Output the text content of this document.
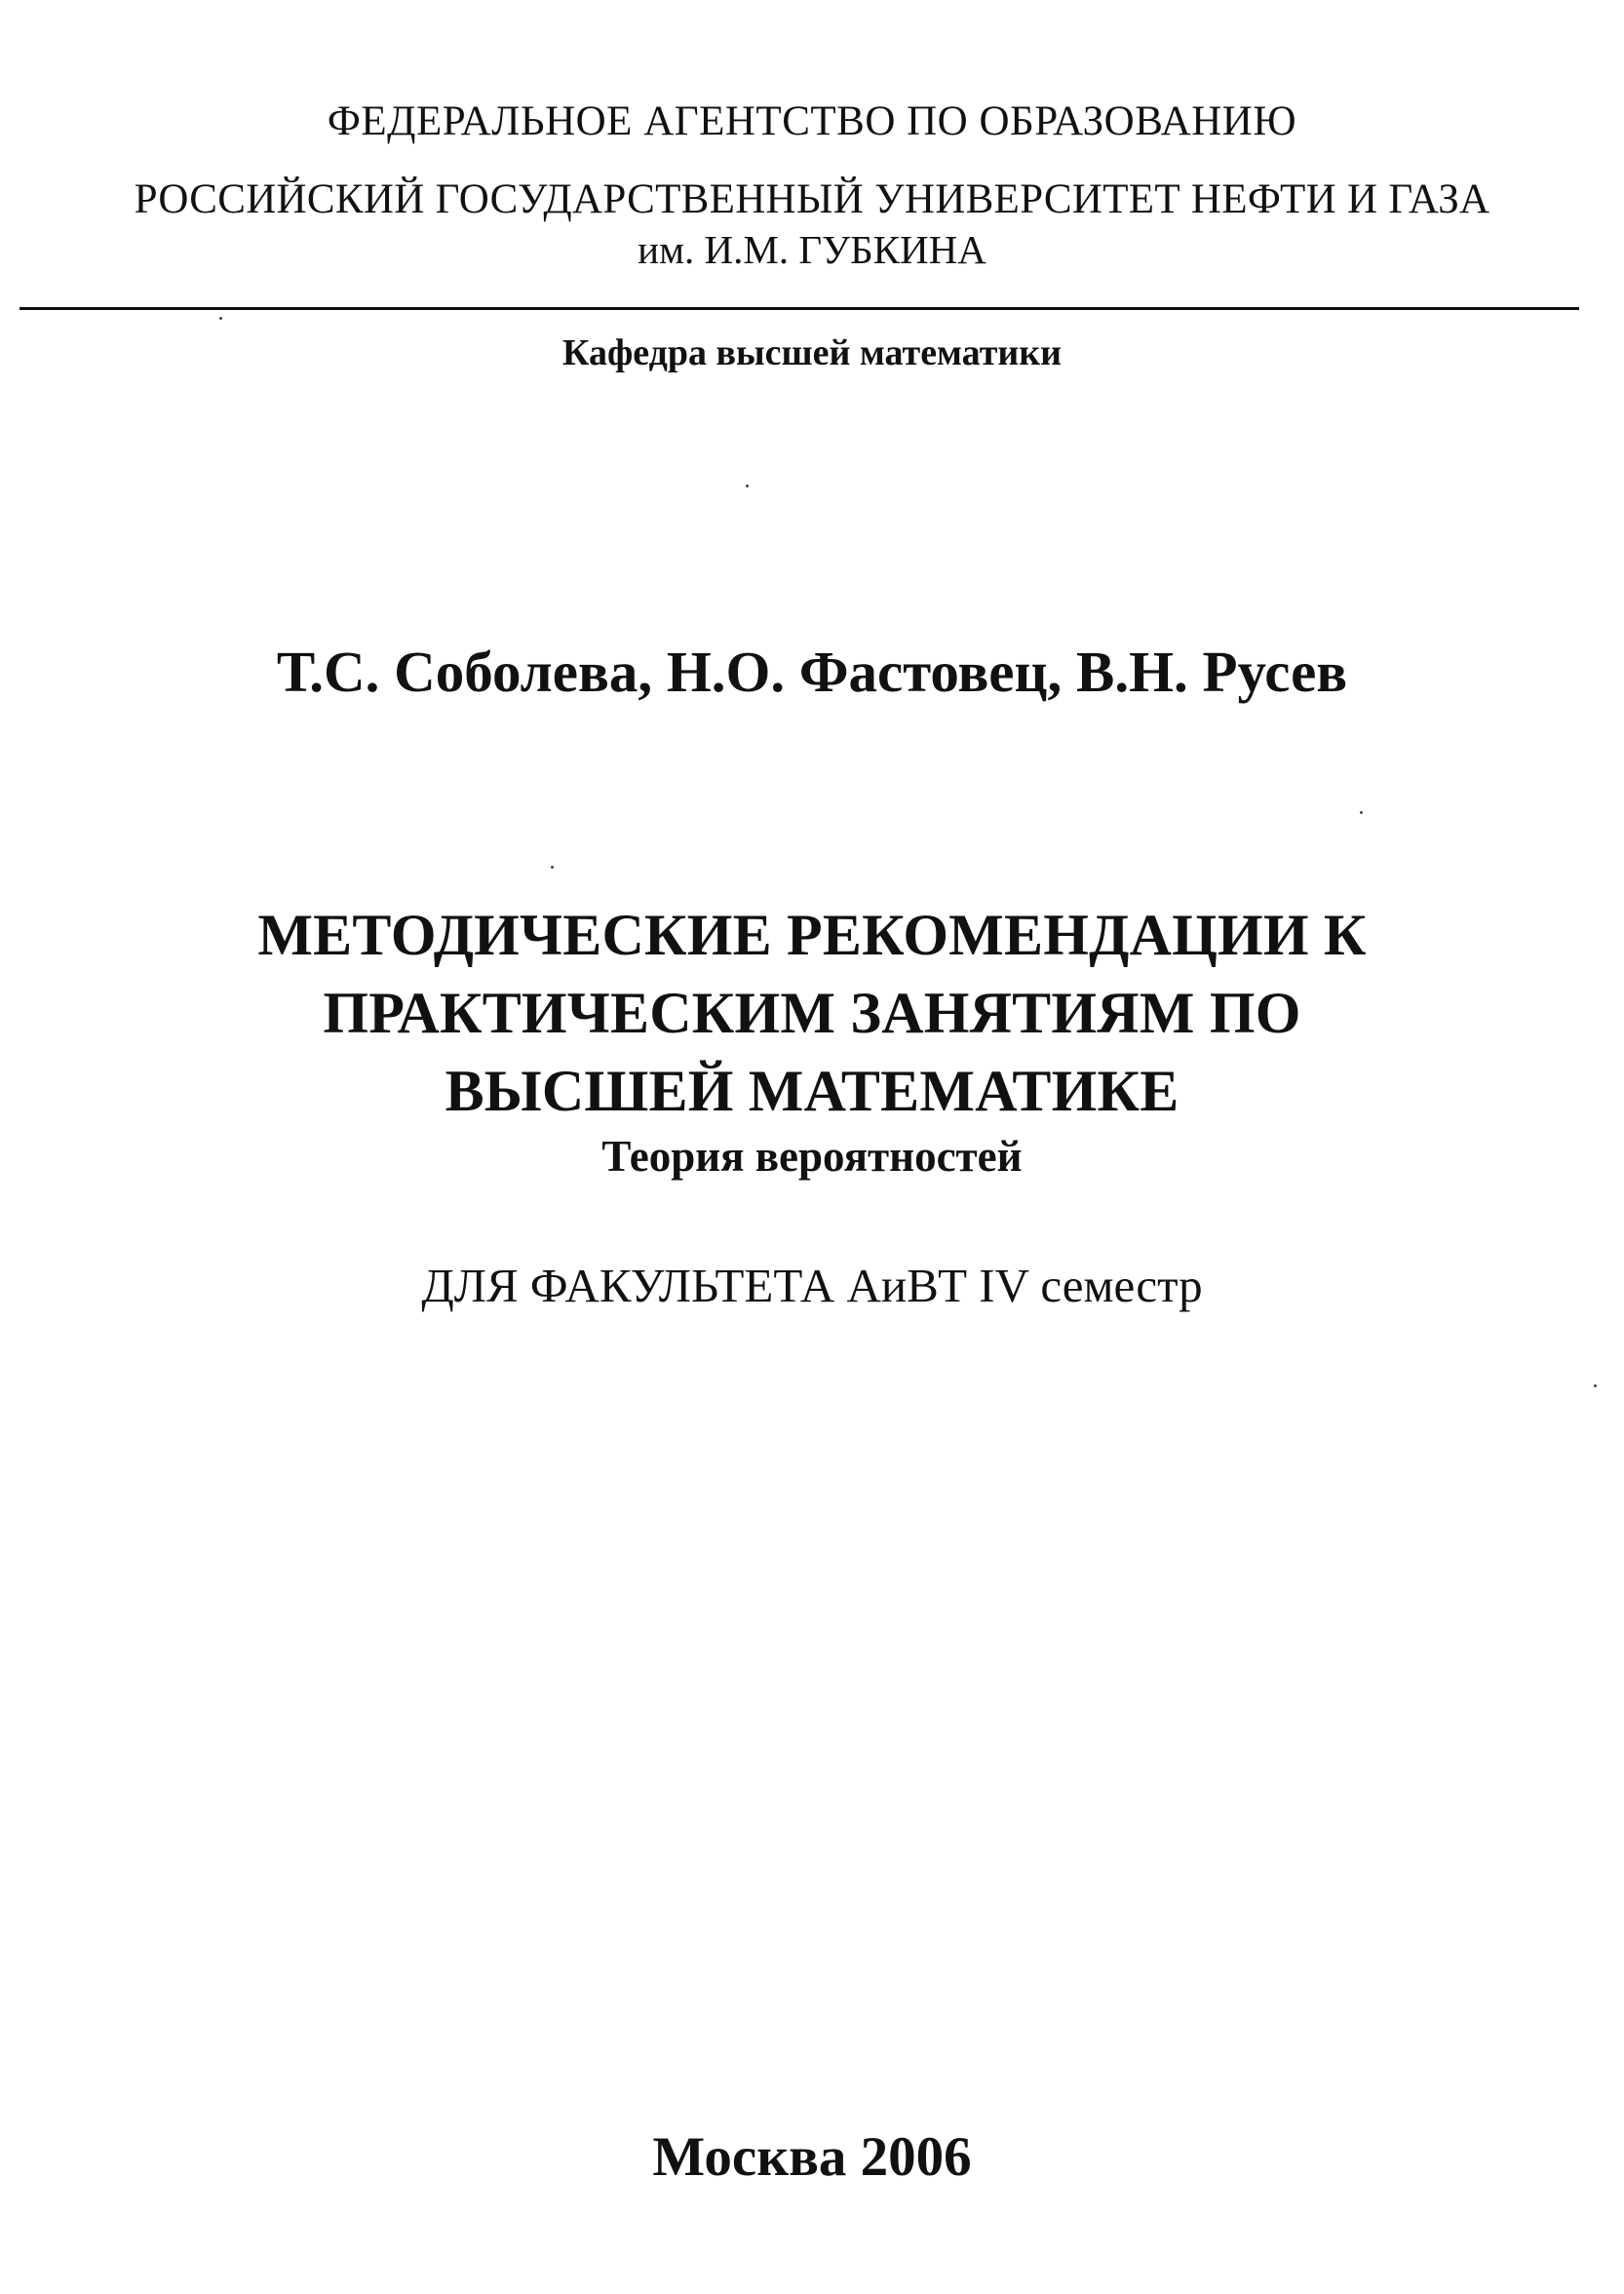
ФЕДЕРАЛЬНОЕ АГЕНТСТВО ПО ОБРАЗОВАНИЮ
РОССИЙСКИЙ ГОСУДАРСТВЕННЫЙ УНИВЕРСИТЕТ НЕФТИ И ГАЗА
им. И.М. ГУБКИНА
Кафедра высшей математики
Т.С. Соболева, Н.О. Фастовец, В.Н. Русев
МЕТОДИЧЕСКИЕ РЕКОМЕНДАЦИИ К
ПРАКТИЧЕСКИМ ЗАНЯТИЯМ ПО
ВЫСШЕЙ МАТЕМАТИКЕ
Теория вероятностей
ДЛЯ ФАКУЛЬТЕТА АиВТ IV семестр
Москва 2006
